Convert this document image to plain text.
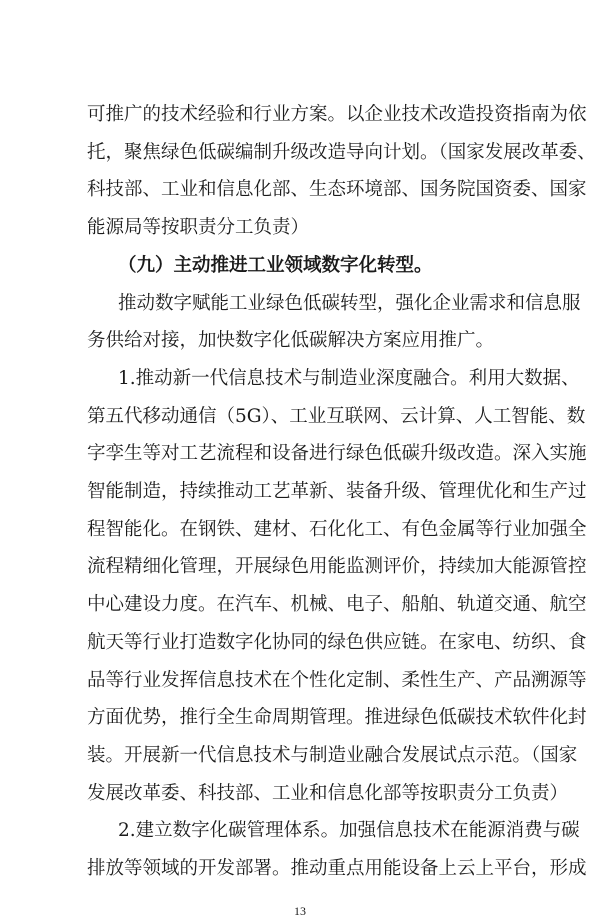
可推广的技术经验和行业方案。以企业技术改造投资指南为依
托，聚焦绿色低碳编制升级改造导向计划。（国家发展改革委、
科技部、工业和信息化部、生态环境部、国务院国资委、国家
能源局等按职责分工负责）
（九）主动推进工业领域数字化转型。
推动数字赋能工业绿色低碳转型，强化企业需求和信息服
务供给对接，加快数字化低碳解决方案应用推广。
1.推动新一代信息技术与制造业深度融合。利用大数据、
第五代移动通信（5G）、工业互联网、云计算、人工智能、数
字孪生等对工艺流程和设备进行绿色低碳升级改造。深入实施
智能制造，持续推动工艺革新、装备升级、管理优化和生产过
程智能化。在钢铁、建材、石化化工、有色金属等行业加强全
流程精细化管理，开展绿色用能监测评价，持续加大能源管控
中心建设力度。在汽车、机械、电子、船舶、轨道交通、航空
航天等行业打造数字化协同的绿色供应链。在家电、纺织、食
品等行业发挥信息技术在个性化定制、柔性生产、产品溯源等
方面优势，推行全生命周期管理。推进绿色低碳技术软件化封
装。开展新一代信息技术与制造业融合发展试点示范。（国家
发展改革委、科技部、工业和信息化部等按职责分工负责）
2.建立数字化碳管理体系。加强信息技术在能源消费与碳
排放等领域的开发部署。推动重点用能设备上云上平台，形成
13
